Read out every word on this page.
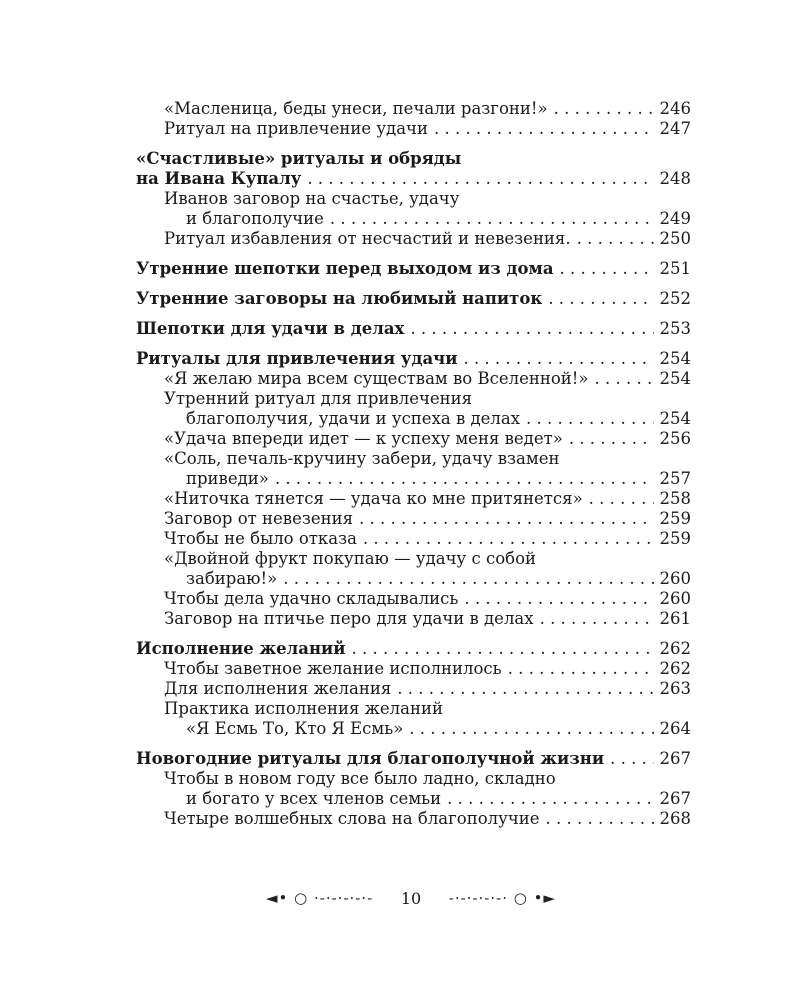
«Масленица, беды унеси, печали разгони!» . . .	246
Ритуал на привлечение удачи . . .	247
«Счастливые» ритуалы и обряды
на Ивана Купалу . . .	248
Иванов заговор на счастье, удачу
и благополучие . . .	249
Ритуал избавления от несчастий и невезения. . . .	250
Утренние шепотки перед выходом из дома . . .	251
Утренние заговоры на любимый напиток . . .	252
Шепотки для удачи в делах . . .	253
Ритуалы для привлечения удачи . . .	254
«Я желаю мира всем существам во Вселенной!» . . .	254
Утренний ритуал для привлечения
благополучия, удачи и успеха в делах . . .	254
«Удача впереди идет — к успеху меня ведет» . . .	256
«Соль, печаль-кручину забери, удачу взамен
приведи» . . .	257
«Ниточка тянется — удача ко мне притянется» . . .	258
Заговор от невезения . . .	259
Чтобы не было отказа . . .	259
«Двойной фрукт покупаю — удачу с собой
забираю!» . . .	260
Чтобы дела удачно складывались . . .	260
Заговор на птичье перо для удачи в делах . . .	261
Исполнение желаний . . .	262
Чтобы заветное желание исполнилось . . .	262
Для исполнения желания . . .	263
Практика исполнения желаний
«Я Есмь То, Кто Я Есмь» . . .	264
Новогодние ритуалы для благополучной жизни . . .	267
Чтобы в новом году все было ладно, складно
и богато у всех членов семьи . . .	267
Четыре волшебных слова на благополучие . . .	268
◄• ○ ·-·-·-·-·- 10 -·-·-·-·-· ○ •►
